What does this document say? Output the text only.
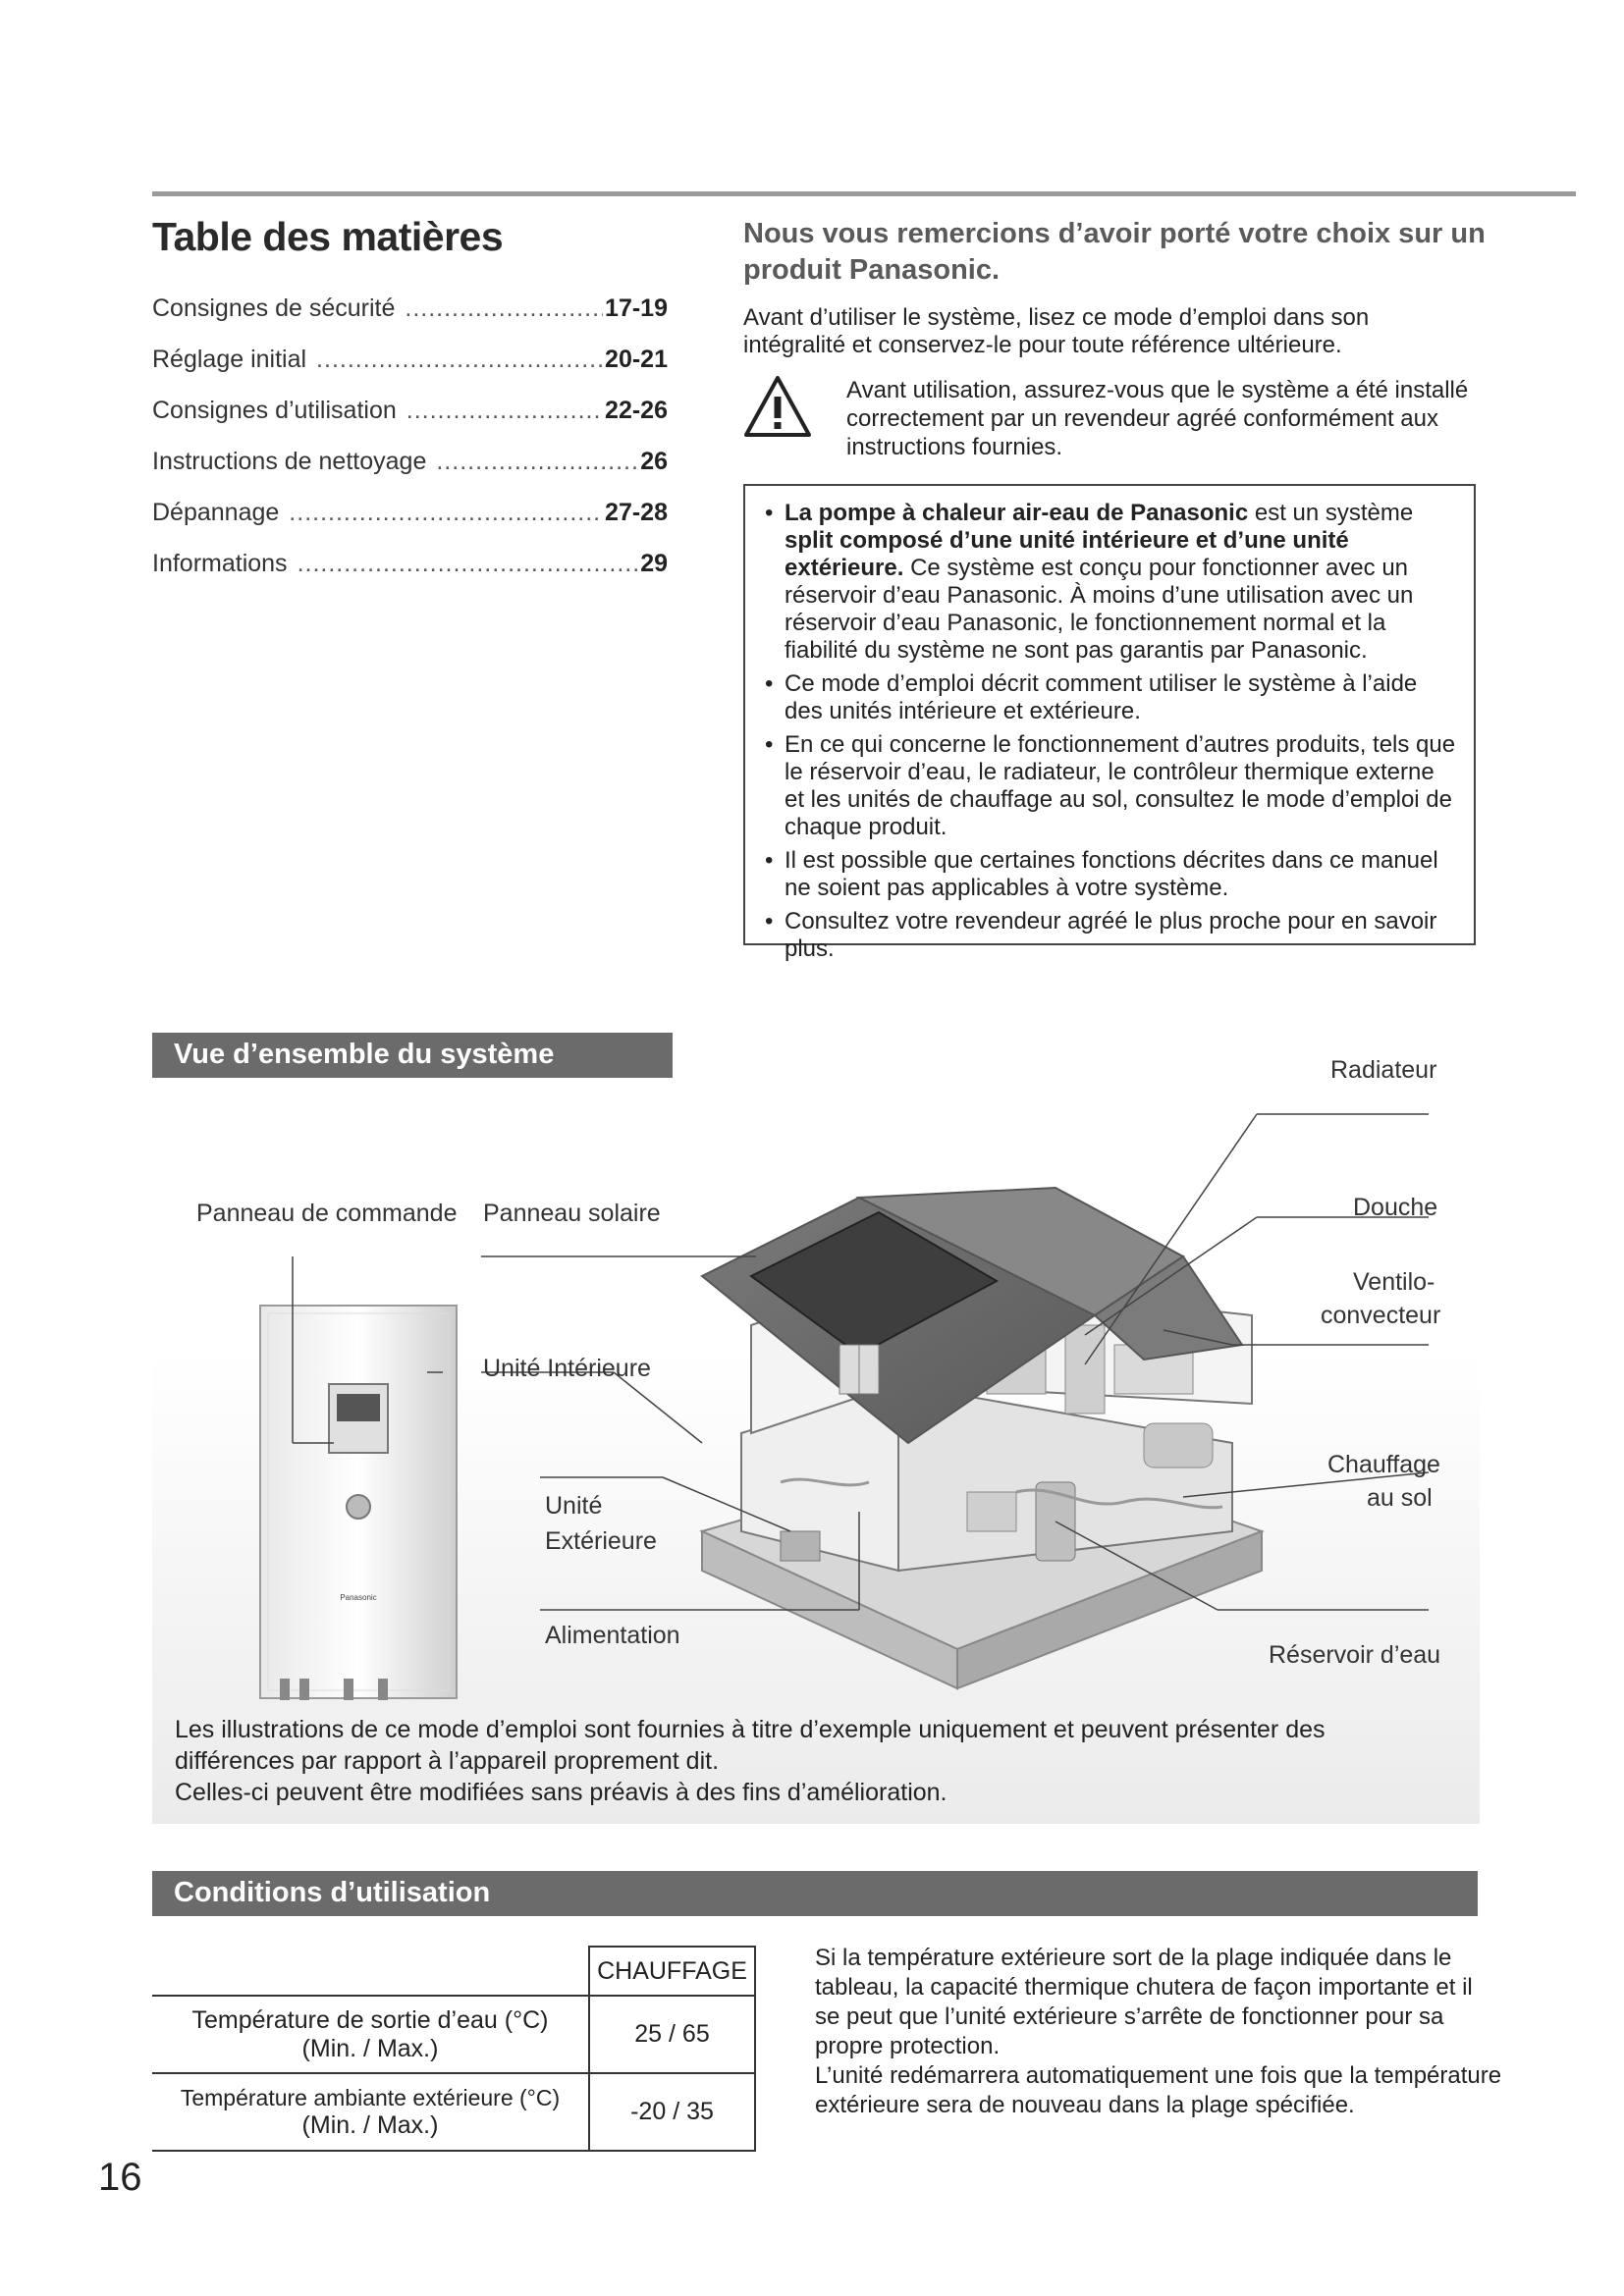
Table des matières
Consignes de sécurité .....	17-19
Réglage initial .....	20-21
Consignes d’utilisation .....	22-26
Instructions de nettoyage .....	26
Dépannage .....	27-28
Informations .....	29
Nous vous remercions d’avoir porté votre choix sur un produit Panasonic.
Avant d’utiliser le système, lisez ce mode d’emploi dans son intégralité et conservez-le pour toute référence ultérieure.
Avant utilisation, assurez-vous que le système a été installé correctement par un revendeur agréé conformément aux instructions fournies.
• La pompe à chaleur air-eau de Panasonic est un système split composé d’une unité intérieure et d’une unité extérieure. Ce système est conçu pour fonctionner avec un réservoir d’eau Panasonic. À moins d’une utilisation avec un réservoir d’eau Panasonic, le fonctionnement normal et la fiabilité du système ne sont pas garantis par Panasonic.
• Ce mode d’emploi décrit comment utiliser le système à l’aide des unités intérieure et extérieure.
• En ce qui concerne le fonctionnement d’autres produits, tels que le réservoir d’eau, le radiateur, le contrôleur thermique externe et les unités de chauffage au sol, consultez le mode d’emploi de chaque produit.
• Il est possible que certaines fonctions décrites dans ce manuel ne soient pas applicables à votre système.
• Consultez votre revendeur agréé le plus proche pour en savoir plus.
Vue d’ensemble du système
Panasonic
Panneau de commande Panneau solaire
Unité Intérieure
Unité
Extérieure
Alimentation
Radiateur
Douche
Ventilo-
convecteur
Chauffage
au sol
Réservoir d’eau
Les illustrations de ce mode d’emploi sont fournies à titre d’exemple uniquement et peuvent présenter des différences par rapport à l’appareil proprement dit.
Celles-ci peuvent être modifiées sans préavis à des fins d’amélioration.
Conditions d’utilisation
	CHAUFFAGE

Température de sortie d’eau (°C)
(Min. / Max.)	25 / 65

Température ambiante extérieure (°C)
(Min. / Max.)	-20 / 35
Si la température extérieure sort de la plage indiquée dans le tableau, la capacité thermique chutera de façon importante et il se peut que l’unité extérieure s’arrête de fonctionner pour sa propre protection.
L’unité redémarrera automatiquement une fois que la température extérieure sera de nouveau dans la plage spécifiée.
16
